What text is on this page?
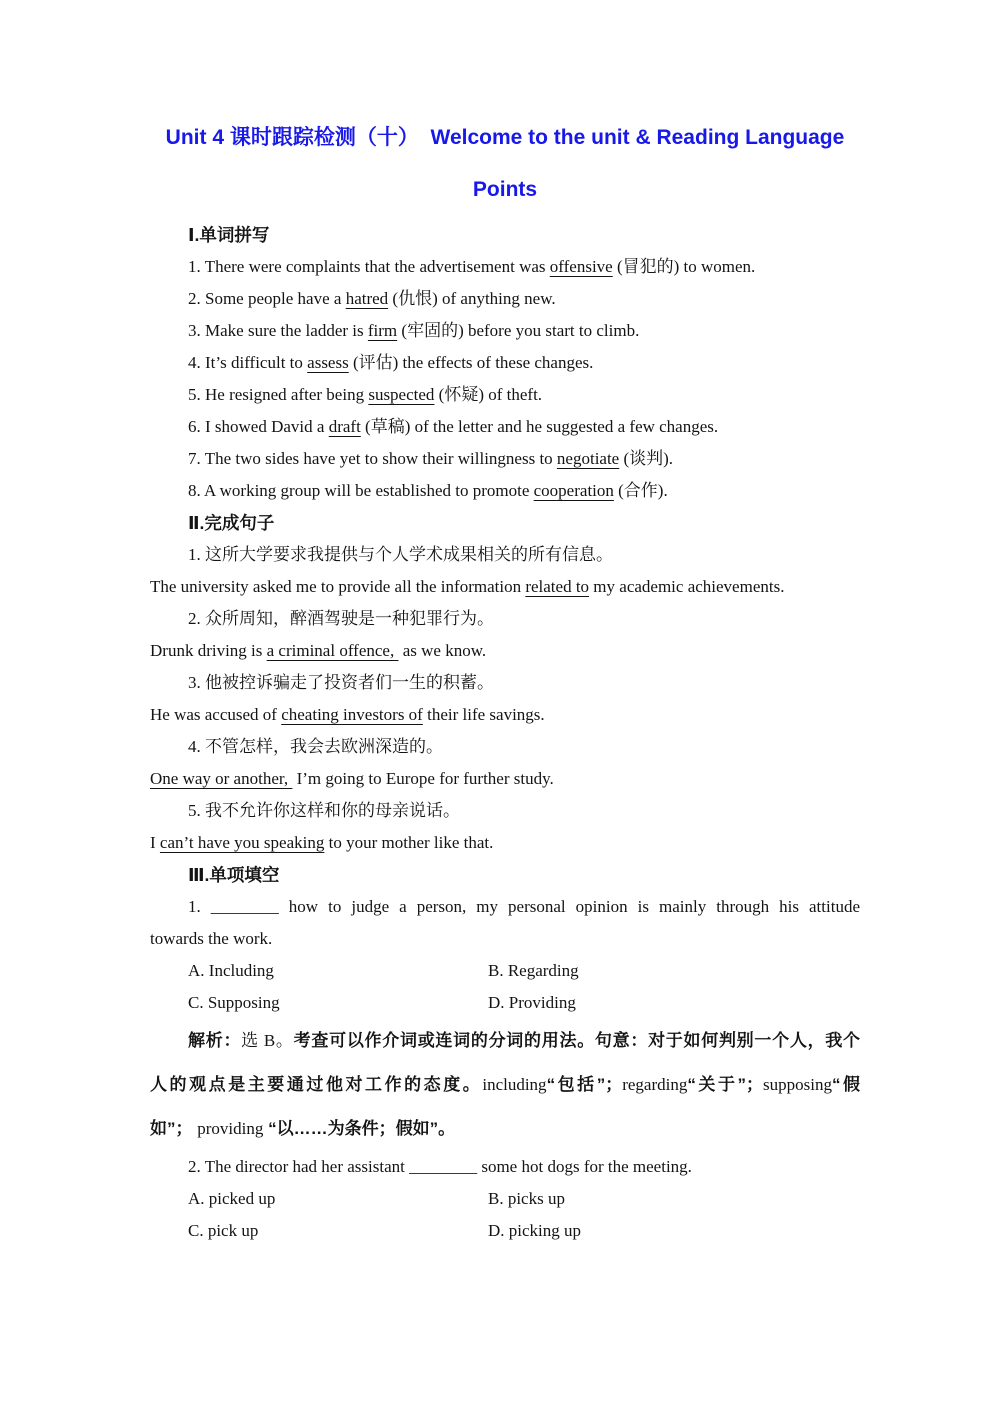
Unit 4 课时跟踪检测（十）  Welcome to the unit & Reading Language
Points

Ⅰ.单词拼写

1. There were complaints that the advertisement was offensive (冒犯的) to women.

2. Some people have a hatred (仇恨) of anything new.

3. Make sure the ladder is firm (牢固的) before you start to climb.

4. It’s difficult to assess (评估) the effects of these changes.

5. He resigned after being suspected (怀疑) of theft.

6. I showed David a draft (草稿) of the letter and he suggested a few changes.

7. The two sides have yet to show their willingness to negotiate (谈判).

8. A working group will be established to promote cooperation (合作).

Ⅱ.完成句子

1. 这所大学要求我提供与个人学术成果相关的所有信息。

The university asked me to provide all the information related to my academic achievements.

2. 众所周知，醉酒驾驶是一种犯罪行为。

Drunk driving is a criminal offence,  as we know.

3. 他被控诉骗走了投资者们一生的积蓄。

He was accused of cheating investors of their life savings.

4. 不管怎样，我会去欧洲深造的。

One way or another,  I’m going to Europe for further study.

5. 我不允许你这样和你的母亲说话。

I can’t have you speaking to your mother like that.

Ⅲ.单项填空

1. ________ how to judge a person, my personal opinion is mainly through his attitude

towards the work.

A. Including	B. Regarding
C. Supposing	D. Providing

解析：选 B。考查可以作介词或连词的分词的用法。句意：对于如何判别一个人，我个

人的观点是主要通过他对工作的态度。including“包括”；regarding“关于”；supposing“假

如”； providing “以……为条件；假如”。

2. The director had her assistant ________ some hot dogs for the meeting.

A. picked up	B. picks up
C. pick up	D. picking up
